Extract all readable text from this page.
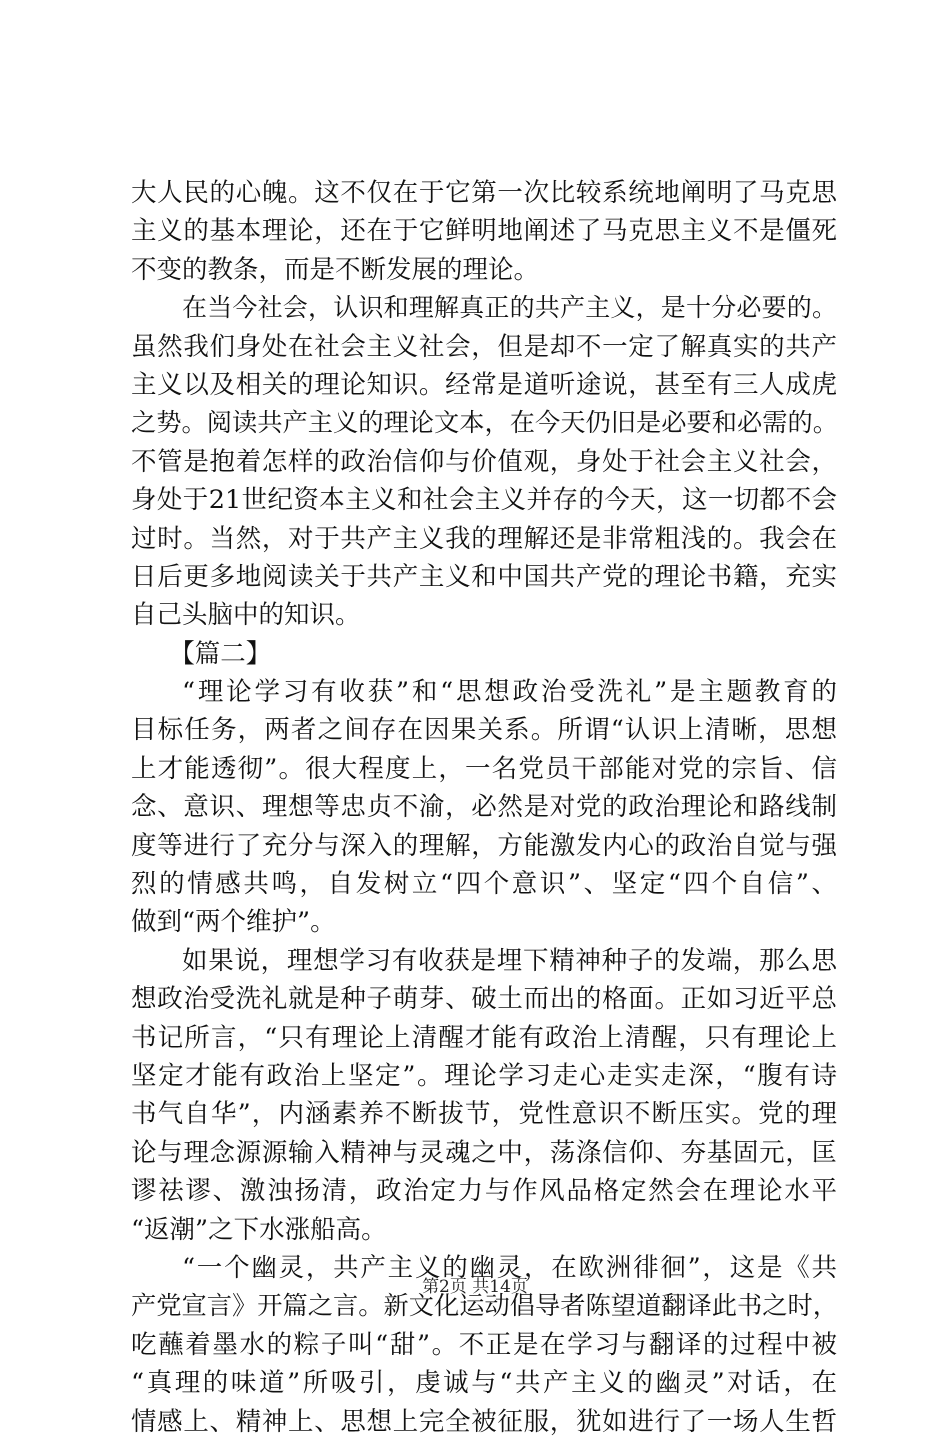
大人民的心魄。这不仅在于它第一次比较系统地阐明了马克思
主义的基本理论，还在于它鲜明地阐述了马克思主义不是僵死
不变的教条，而是不断发展的理论。
在当今社会，认识和理解真正的共产主义，是十分必要的。
虽然我们身处在社会主义社会，但是却不一定了解真实的共产
主义以及相关的理论知识。经常是道听途说，甚至有三人成虎
之势。阅读共产主义的理论文本，在今天仍旧是必要和必需的。
不管是抱着怎样的政治信仰与价值观，身处于社会主义社会，
身处于21世纪资本主义和社会主义并存的今天，这一切都不会
过时。当然，对于共产主义我的理解还是非常粗浅的。我会在
日后更多地阅读关于共产主义和中国共产党的理论书籍，充实
自己头脑中的知识。
【篇二】
“理论学习有收获”和“思想政治受洗礼”是主题教育的
目标任务，两者之间存在因果关系。所谓“认识上清晰，思想
上才能透彻”。很大程度上，一名党员干部能对党的宗旨、信
念、意识、理想等忠贞不渝，必然是对党的政治理论和路线制
度等进行了充分与深入的理解，方能激发内心的政治自觉与强
烈的情感共鸣，自发树立“四个意识”、坚定“四个自信”、
做到“两个维护”。
如果说，理想学习有收获是埋下精神种子的发端，那么思
想政治受洗礼就是种子萌芽、破土而出的格面。正如习近平总
书记所言，“只有理论上清醒才能有政治上清醒，只有理论上
坚定才能有政治上坚定”。理论学习走心走实走深，“腹有诗
书气自华”，内涵素养不断拔节，党性意识不断压实。党的理
论与理念源源输入精神与灵魂之中，荡涤信仰、夯基固元，匡
谬祛谬、激浊扬清，政治定力与作风品格定然会在理论水平
“返潮”之下水涨船高。
“一个幽灵，共产主义的幽灵，在欧洲徘徊”，这是《共
产党宣言》开篇之言。新文化运动倡导者陈望道翻译此书之时，
吃蘸着墨水的粽子叫“甜”。不正是在学习与翻译的过程中被
“真理的味道”所吸引，虔诚与“共产主义的幽灵”对话，在
情感上、精神上、思想上完全被征服，犹如进行了一场人生哲
第2页 共14页
